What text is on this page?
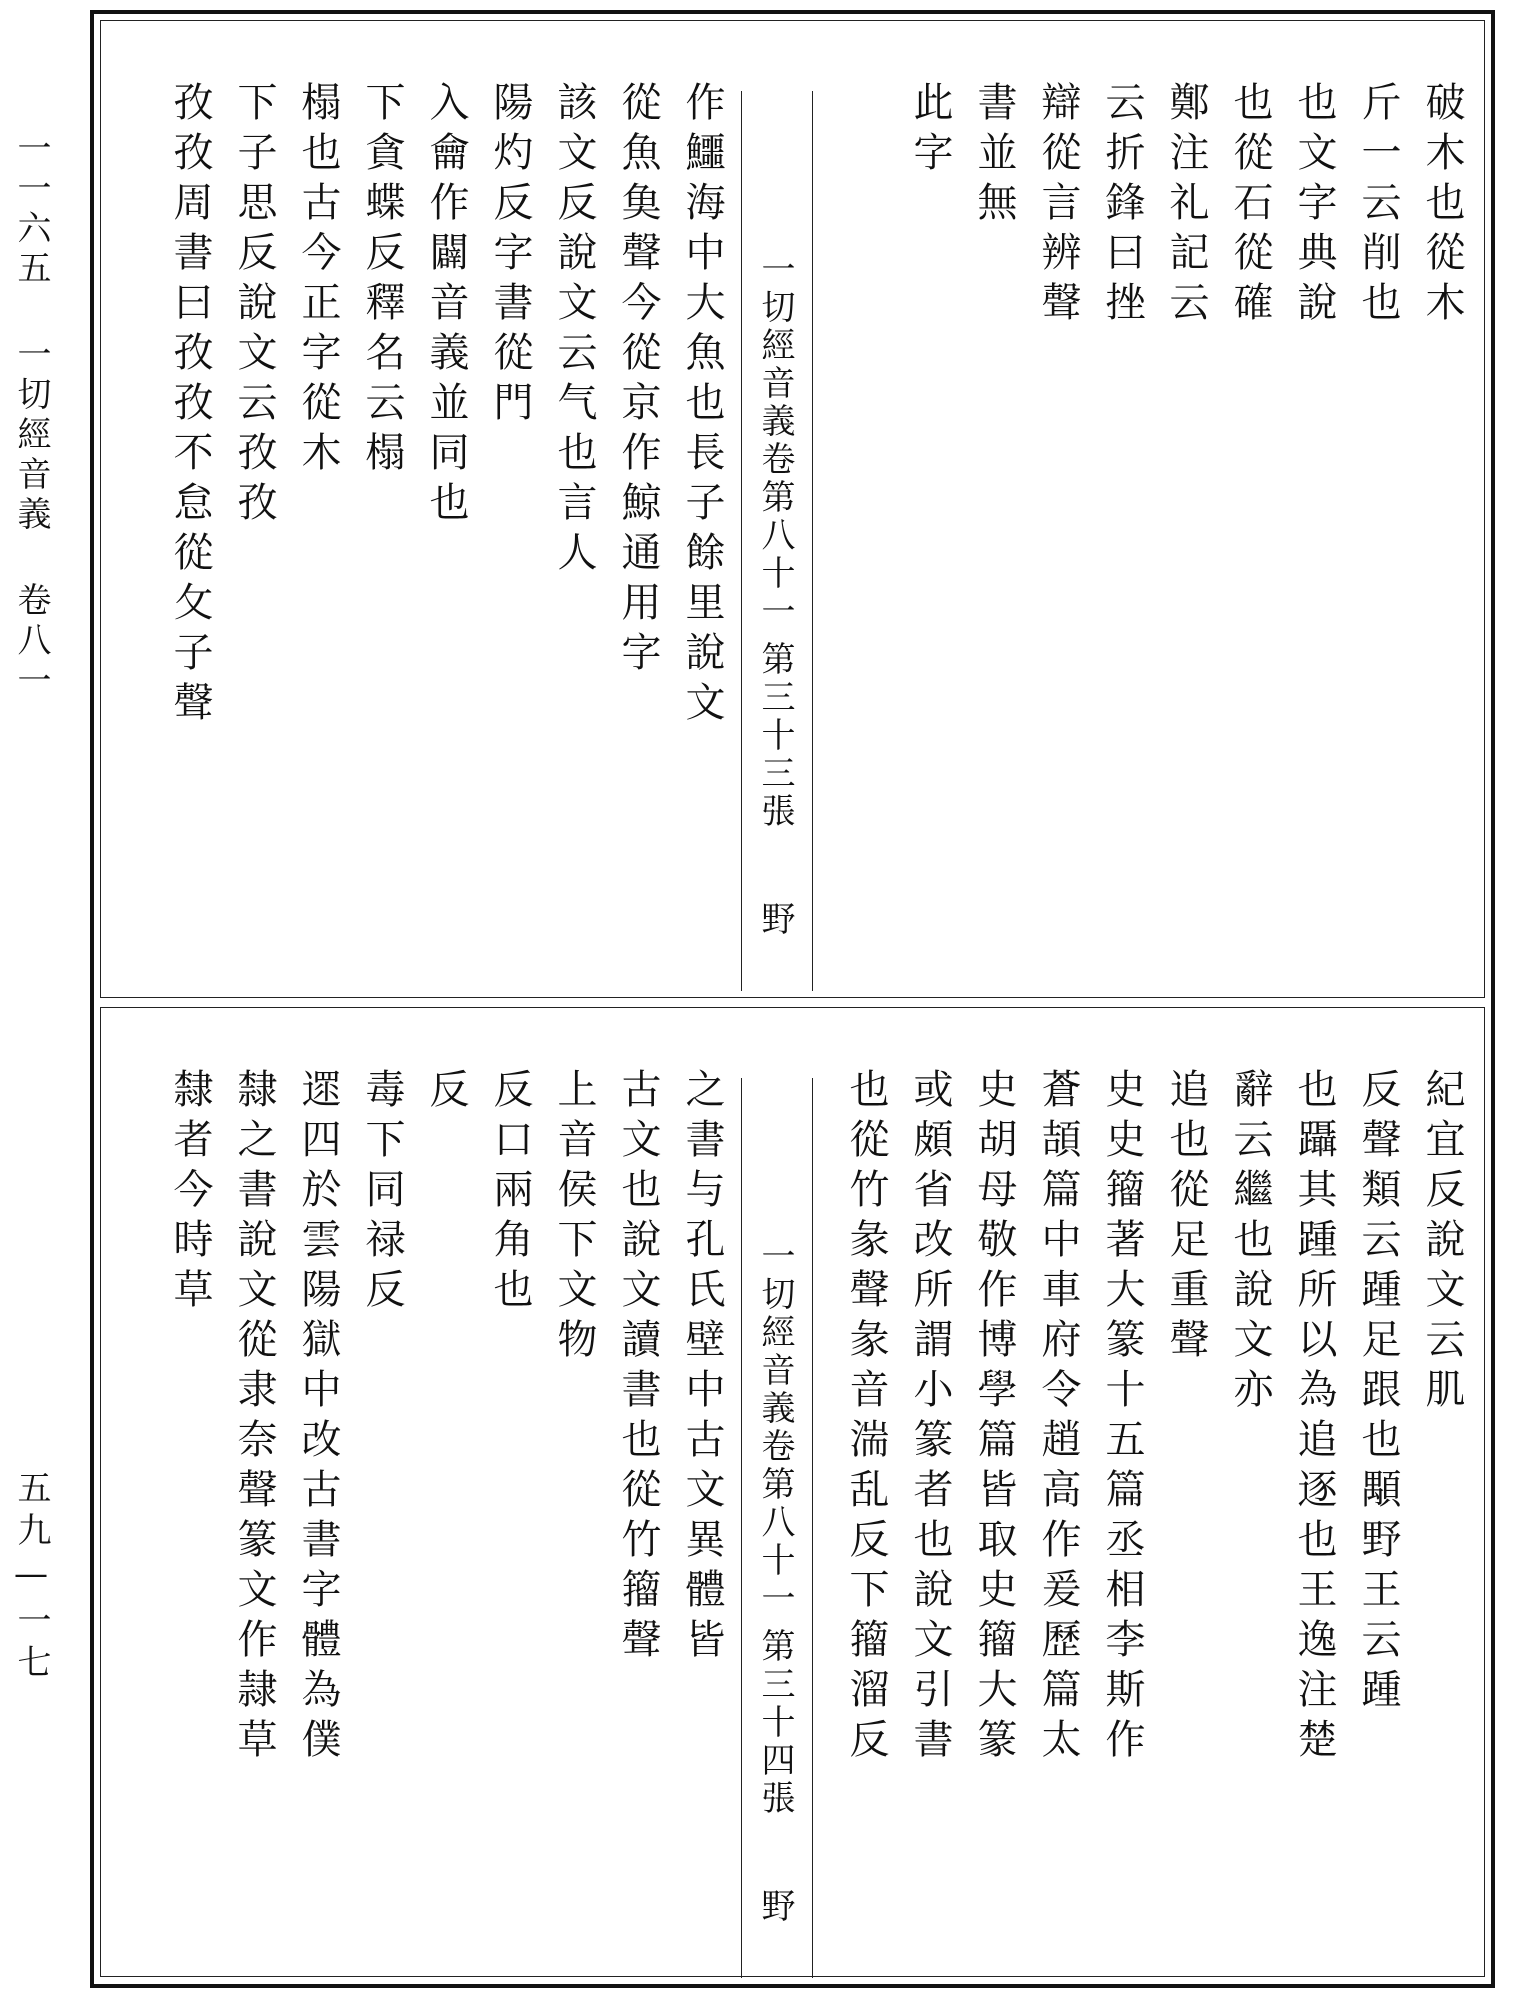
一一六五 一切經音義 卷八一
五九—一七
破木也從木
斤一云削也
也文字典說
也從石從確
鄭注礼記云
云折鋒曰挫
辯從言辨聲
書並無
此字
一切經音義卷第八十一
第三十三張
野
作鱷海中大魚也長子餘里說文
從魚𩵋聲今從京作鯨通用字
該文反說文云气也言人
陽灼反字書從門
入龠作闢音義並同也
下貪蝶反釋名云榻
榻也古今正字從木
下子思反說文云孜孜
孜孜周書曰孜孜不怠從攵子聲
紀宜反說文云肌
反聲類云踵足跟也顒野王云踵
也躡其踵所以為追逐也王逸注楚
辭云繼也說文亦
追也從足重聲
史史籀著大篆十五篇丞相李斯作
蒼頡篇中車府令趙高作爰歷篇太
史胡母敬作博學篇皆取史籀大篆
或頗省改所謂小篆者也說文引書
也從竹彖聲彖音湍乱反下籀溜反
一切經音義卷第八十一
第三十四張
野
之書与孔氏壁中古文異體皆
古文也說文讀書也從竹籀聲
上音侯下文物
反口兩角也
反
毒下同禄反
遝四於雲陽獄中改古書字體為僕
隸之書說文從隶奈聲篆文作隷草
隸者今時草
